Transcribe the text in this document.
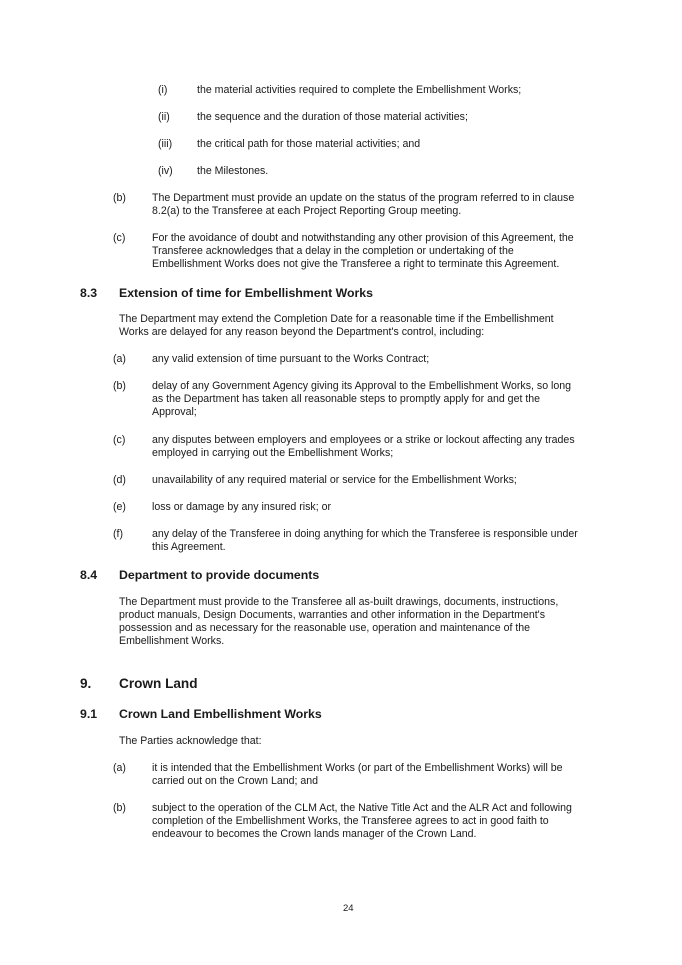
(i)	the material activities required to complete the Embellishment Works;
(ii)	the sequence and the duration of those material activities;
(iii) the critical path for those material activities; and
(iv) the Milestones.
(b) The Department must provide an update on the status of the program referred to in clause
8.2(a) to the Transferee at each Project Reporting Group meeting.
(c)	For the avoidance of doubt and notwithstanding any other provision of this Agreement, the
Transferee acknowledges that a delay in the completion or undertaking of the
Embellishment Works does not give the Transferee a right to terminate this Agreement.
8.3 Extension of time for Embellishment Works
The Department may extend the Completion Date for a reasonable time if the Embellishment
Works are delayed for any reason beyond the Department's control, including:
(a) any valid extension of time pursuant to the Works Contract;
(b) delay of any Government Agency giving its Approval to the Embellishment Works, so long
as the Department has taken all reasonable steps to promptly apply for and get the
Approval;
(c)	any disputes between employers and employees or a strike or lockout affecting any trades
employed in carrying out the Embellishment Works;
(d) unavailability of any required material or service for the Embellishment Works;
(e) loss or damage by any insured risk; or
(f)	any delay of the Transferee in doing anything for which the Transferee is responsible under
this Agreement.
8.4 Department to provide documents
The Department must provide to the Transferee all as-built drawings, documents, instructions,
product manuals, Design Documents, warranties and other information in the Department's
possession and as necessary for the reasonable use, operation and maintenance of the
Embellishment Works.
9. Crown Land
9.1 Crown Land Embellishment Works
The Parties acknowledge that:
(a) it is intended that the Embellishment Works (or part of the Embellishment Works) will be
carried out on the Crown Land; and
(b) subject to the operation of the CLM Act, the Native Title Act and the ALR Act and following
completion of the Embellishment Works, the Transferee agrees to act in good faith to
endeavour to becomes the Crown lands manager of the Crown Land.
24
